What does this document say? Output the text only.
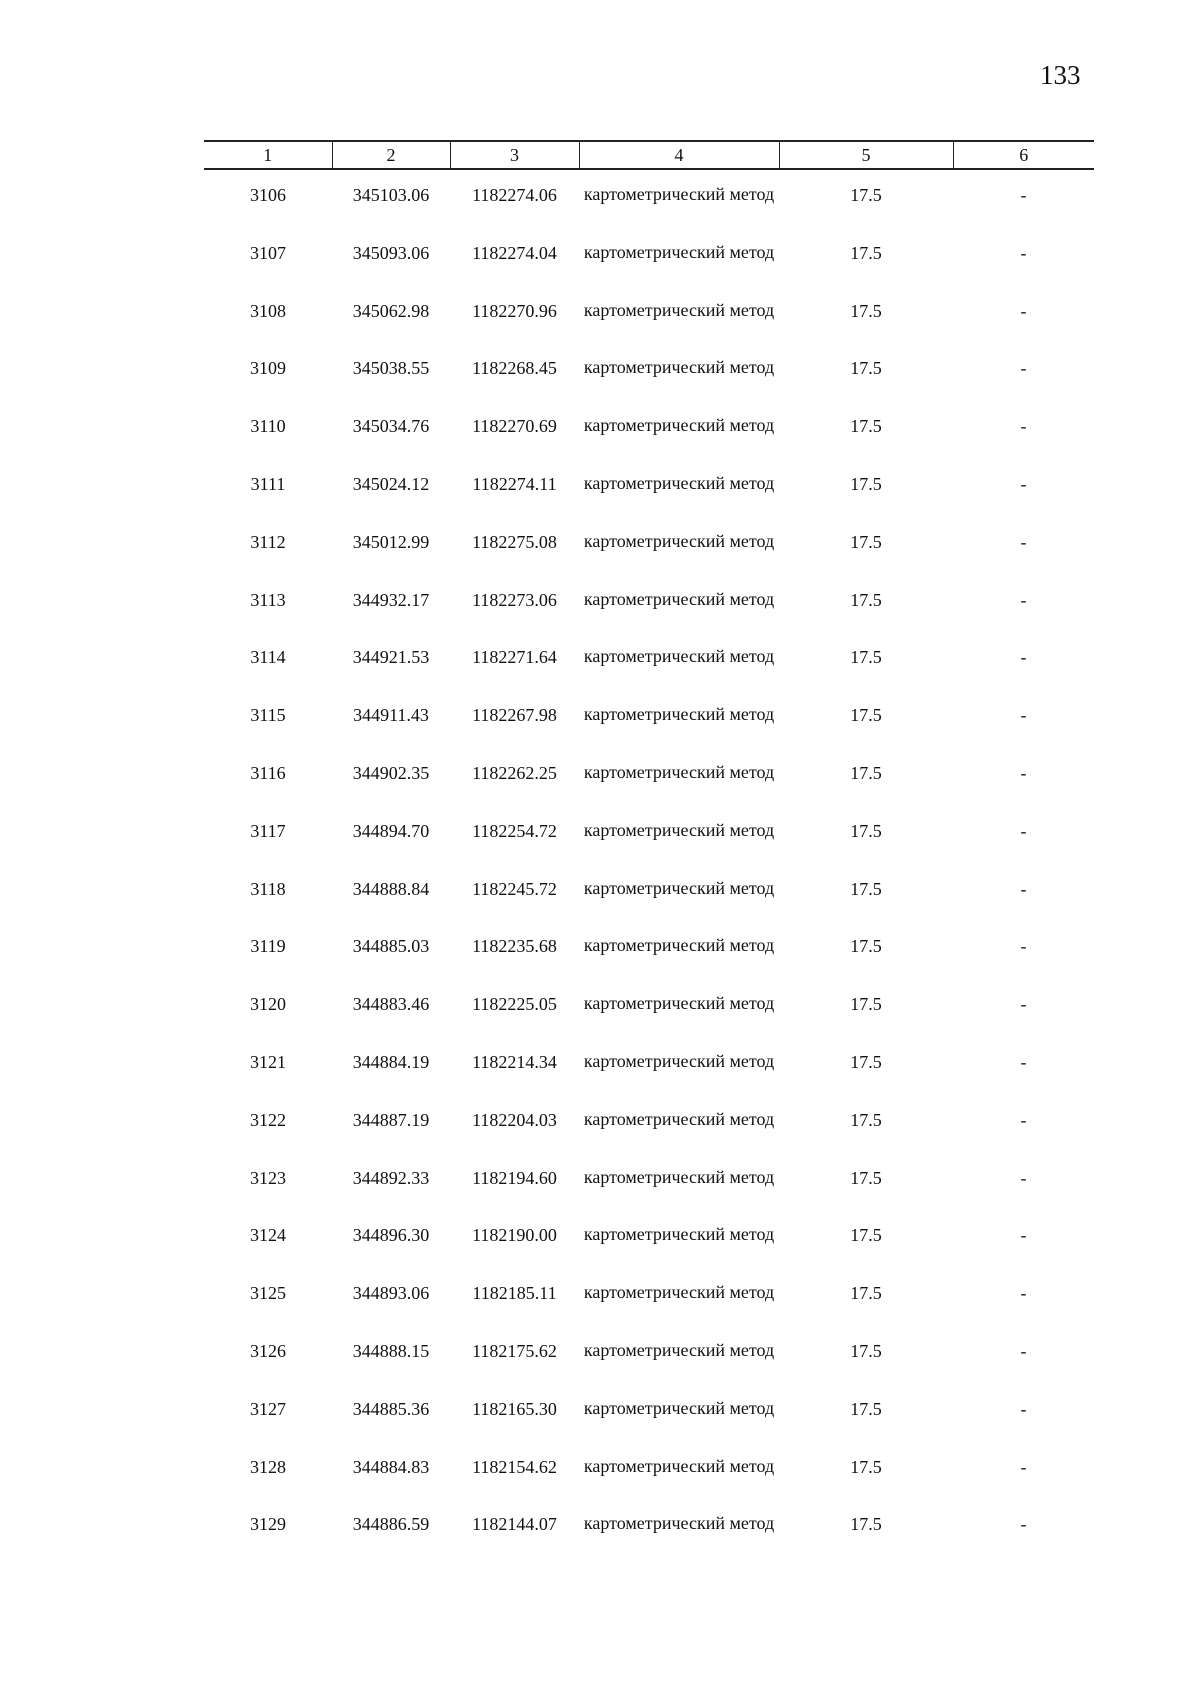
133
1	2	3	4	5	6

3106	345103.06	1182274.06	картометрический метод	17.5	-
3107	345093.06	1182274.04	картометрический метод	17.5	-
3108	345062.98	1182270.96	картометрический метод	17.5	-
3109	345038.55	1182268.45	картометрический метод	17.5	-
3110	345034.76	1182270.69	картометрический метод	17.5	-
3111	345024.12	1182274.11	картометрический метод	17.5	-
3112	345012.99	1182275.08	картометрический метод	17.5	-
3113	344932.17	1182273.06	картометрический метод	17.5	-
3114	344921.53	1182271.64	картометрический метод	17.5	-
3115	344911.43	1182267.98	картометрический метод	17.5	-
3116	344902.35	1182262.25	картометрический метод	17.5	-
3117	344894.70	1182254.72	картометрический метод	17.5	-
3118	344888.84	1182245.72	картометрический метод	17.5	-
3119	344885.03	1182235.68	картометрический метод	17.5	-
3120	344883.46	1182225.05	картометрический метод	17.5	-
3121	344884.19	1182214.34	картометрический метод	17.5	-
3122	344887.19	1182204.03	картометрический метод	17.5	-
3123	344892.33	1182194.60	картометрический метод	17.5	-
3124	344896.30	1182190.00	картометрический метод	17.5	-
3125	344893.06	1182185.11	картометрический метод	17.5	-
3126	344888.15	1182175.62	картометрический метод	17.5	-
3127	344885.36	1182165.30	картометрический метод	17.5	-
3128	344884.83	1182154.62	картометрический метод	17.5	-
3129	344886.59	1182144.07	картометрический метод	17.5	-
